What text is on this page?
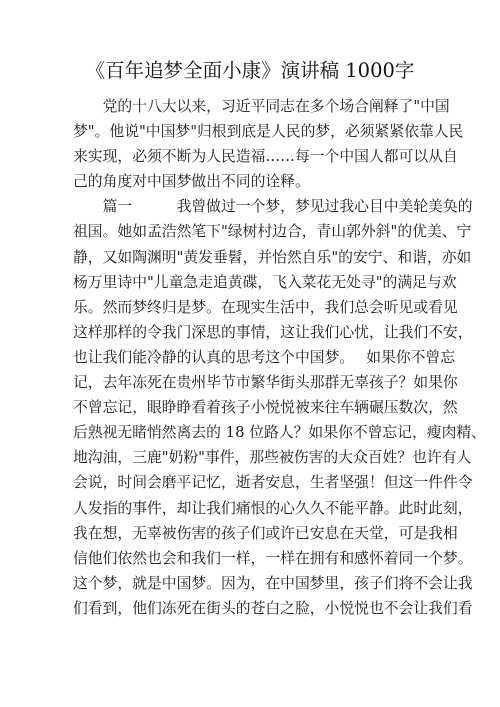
《百年追梦全面小康》演讲稿 1000字
　　党的十八大以来，习近平同志在多个场合阐释了"中国
梦"。他说"中国梦"归根到底是人民的梦，必须紧紧依靠人民
来实现，必须不断为人民造福……每一个中国人都可以从自
己的角度对中国梦做出不同的诠释。
　　篇一　　　我曾做过一个梦，梦见过我心目中美轮美奂的
祖国。她如孟浩然笔下"绿树村边合，青山郭外斜"的优美、宁
静，又如陶渊明"黄发垂髫，并怡然自乐"的安宁、和谐，亦如
杨万里诗中"儿童急走追黄碟，飞入菜花无处寻"的满足与欢
乐。然而梦终归是梦。在现实生活中，我们总会听见或看见
这样那样的令我门深思的事情，这让我们心忧，让我们不安，
也让我们能冷静的认真的思考这个中国梦。　 如果你不曾忘
记，去年冻死在贵州毕节市繁华街头那群无辜孩子？如果你
不曾忘记，眼睁睁看着孩子小悦悦被来往车辆碾压数次，然
后熟视无睹悄然离去的 18 位路人？如果你不曾忘记，瘦肉精、
地沟油，三鹿"奶粉"事件，那些被伤害的大众百姓？也许有人
会说，时间会磨平记忆，逝者安息，生者坚强！但这一件件令
人发指的事件，却让我们痛恨的心久久不能平静。此时此刻，
我在想，无辜被伤害的孩子们或许已安息在天堂，可是我相
信他们依然也会和我们一样，一样在拥有和感怀着同一个梦。
这个梦，就是中国梦。因为，在中国梦里，孩子们将不会让我
们看到，他们冻死在街头的苍白之脸，小悦悦也不会让我们看
